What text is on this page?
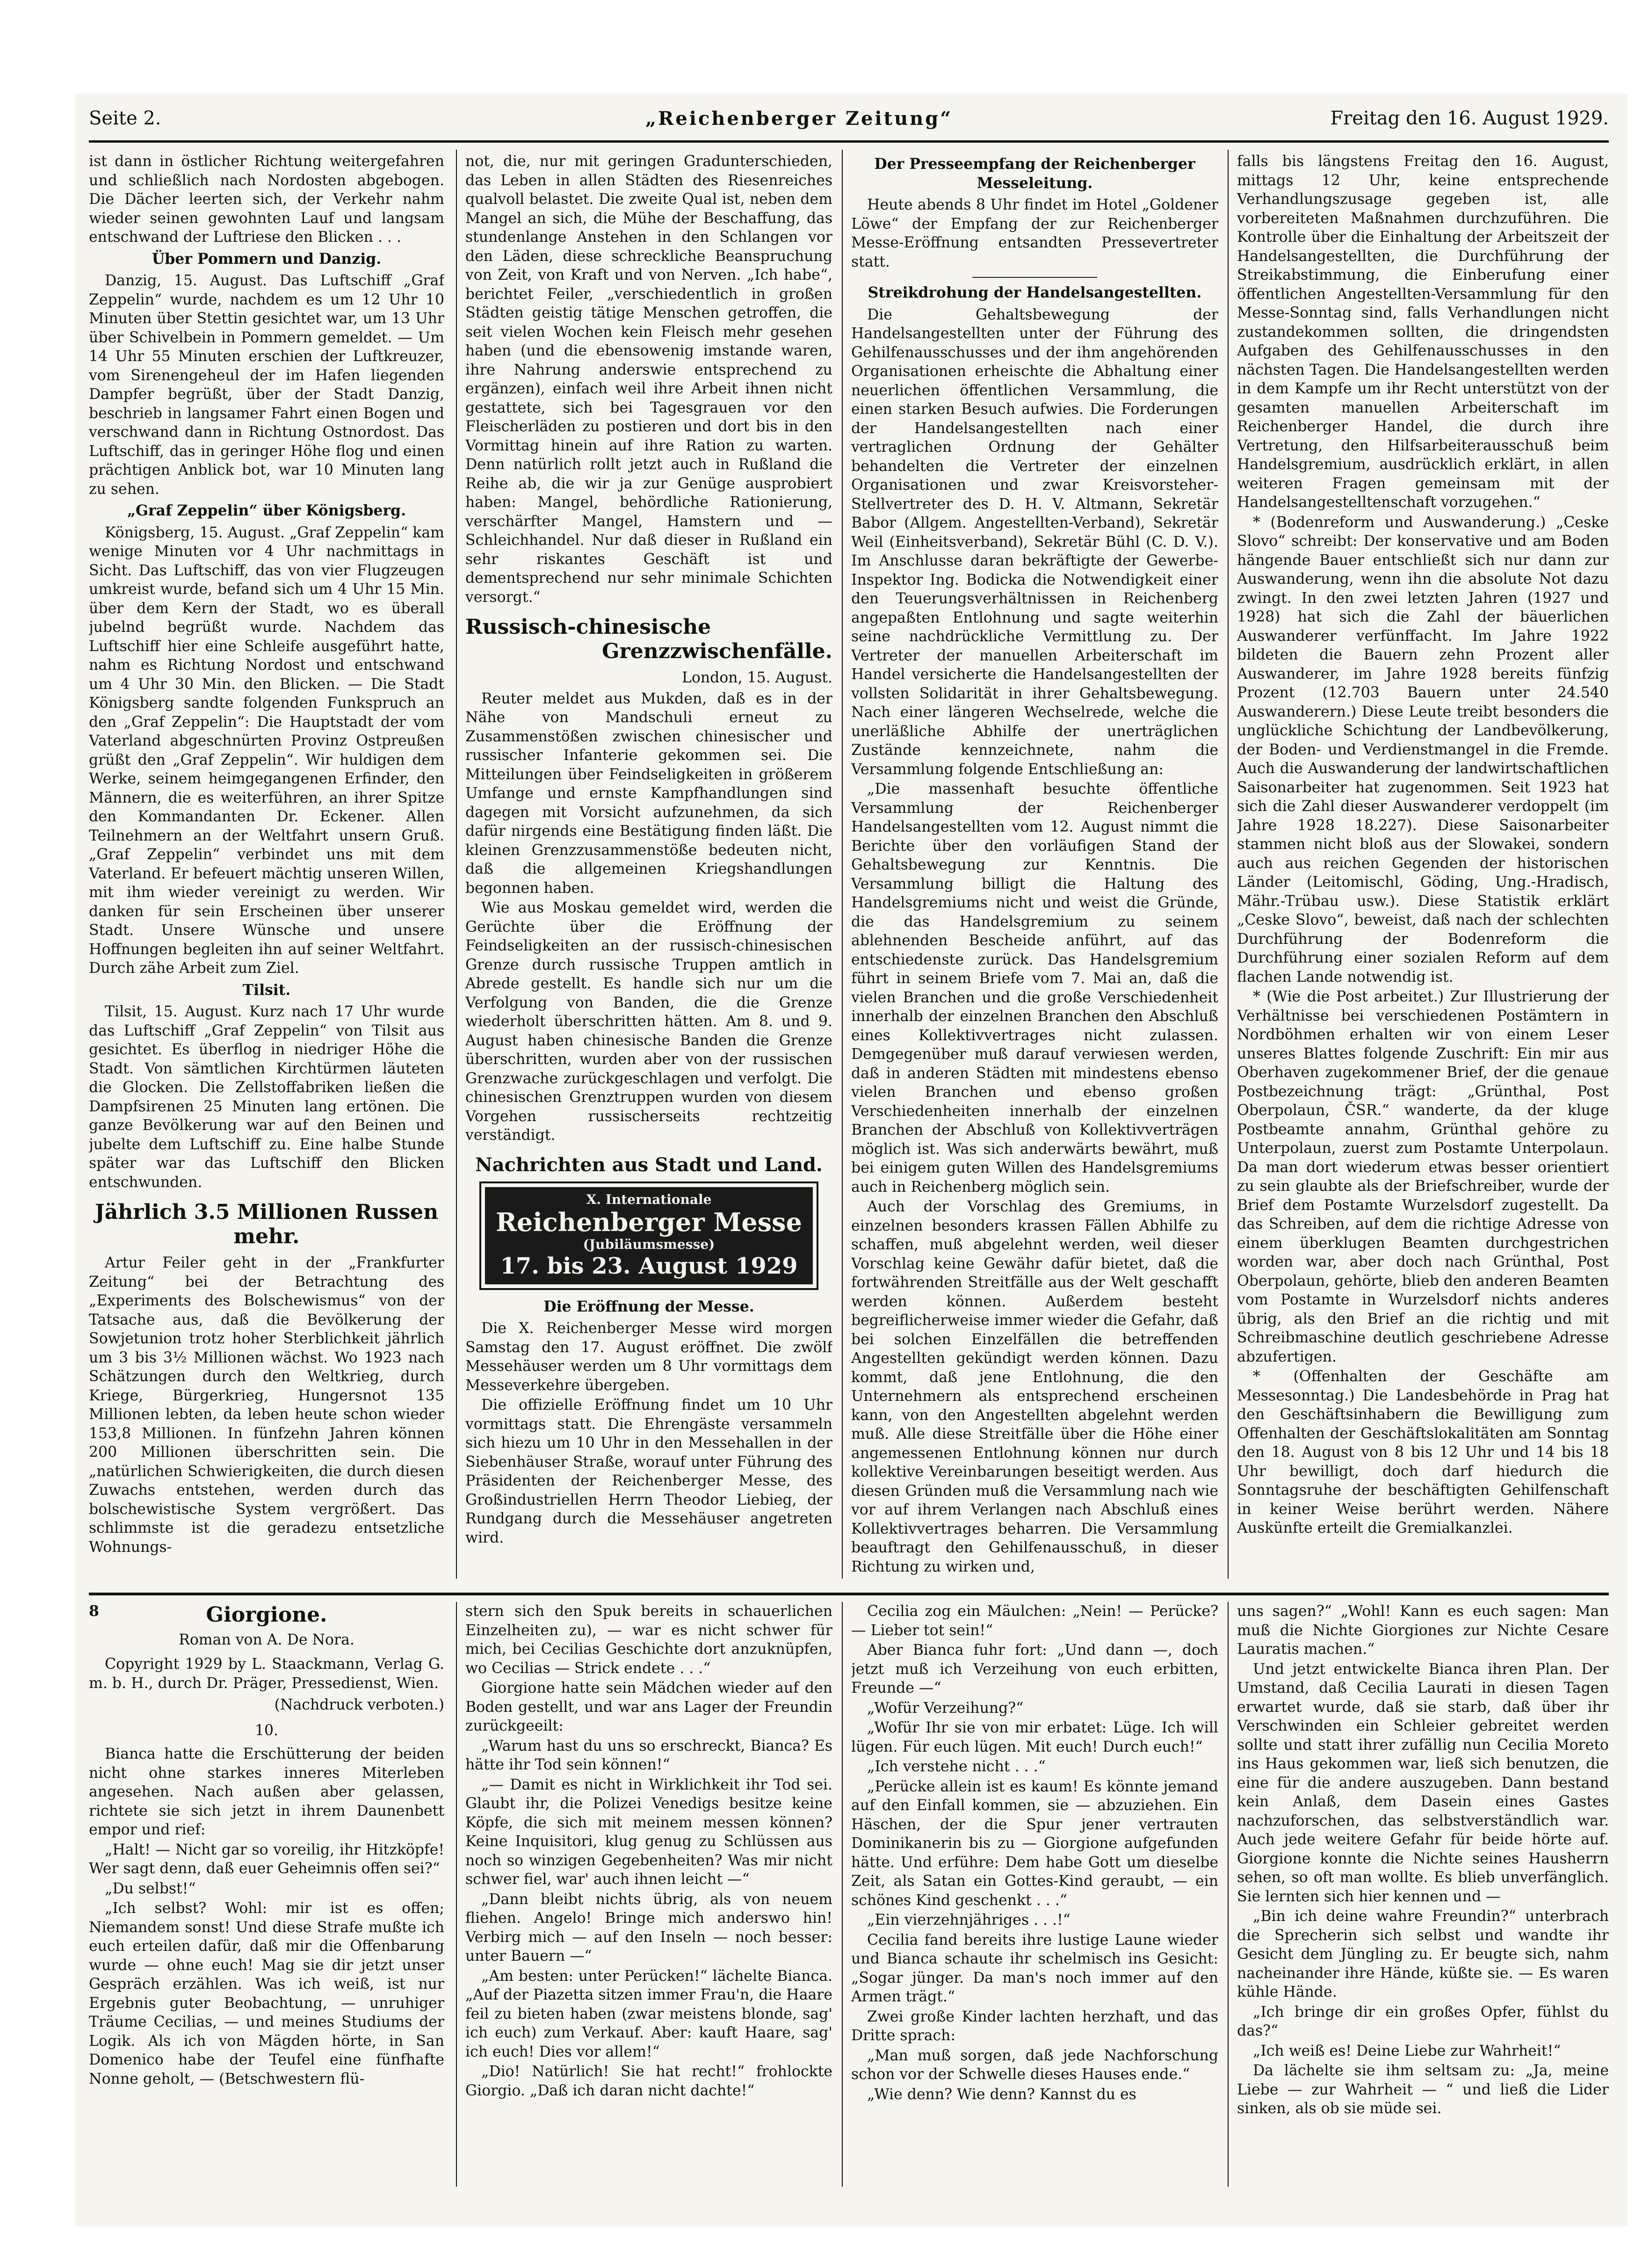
Seite 2.	„Reichenberger Zeitung“	Freitag den 16. August 1929.

ist dann in östlicher Richtung weitergefahren und schließlich nach Nordosten abgebogen. Die Dächer leerten sich, der Verkehr nahm wieder seinen gewohnten Lauf und langsam entschwand der Luftriese den Blicken . . .

Über Pommern und Danzig.

Danzig, 15. August. Das Luftschiff „Graf Zeppelin“ wurde, nachdem es um 12 Uhr 10 Minuten über Stettin gesichtet war, um 13 Uhr über Schivelbein in Pommern gemeldet. — Um 14 Uhr 55 Minuten erschien der Luftkreuzer, vom Sirenengeheul der im Hafen liegenden Dampfer begrüßt, über der Stadt Danzig, beschrieb in langsamer Fahrt einen Bogen und verschwand dann in Richtung Ostnordost. Das Luftschiff, das in geringer Höhe flog und einen prächtigen Anblick bot, war 10 Minuten lang zu sehen.

„Graf Zeppelin“ über Königsberg.

Königsberg, 15. August. „Graf Zeppelin“ kam wenige Minuten vor 4 Uhr nachmittags in Sicht. Das Luftschiff, das von vier Flugzeugen umkreist wurde, befand sich um 4 Uhr 15 Min. über dem Kern der Stadt, wo es überall jubelnd begrüßt wurde. Nachdem das Luftschiff hier eine Schleife ausgeführt hatte, nahm es Richtung Nordost und entschwand um 4 Uhr 30 Min. den Blicken. — Die Stadt Königsberg sandte folgenden Funkspruch an den „Graf Zeppelin“: Die Hauptstadt der vom Vaterland abgeschnürten Provinz Ostpreußen grüßt den „Graf Zeppelin“. Wir huldigen dem Werke, seinem heimgegangenen Erfinder, den Männern, die es weiterführen, an ihrer Spitze den Kommandanten Dr. Eckener. Allen Teilnehmern an der Weltfahrt unsern Gruß. „Graf Zeppelin“ verbindet uns mit dem Vaterland. Er befeuert mächtig unseren Willen, mit ihm wieder vereinigt zu werden. Wir danken für sein Erscheinen über unserer Stadt. Unsere Wünsche und unsere Hoffnungen begleiten ihn auf seiner Weltfahrt. Durch zähe Arbeit zum Ziel.

Tilsit.

Tilsit, 15. August. Kurz nach 17 Uhr wurde das Luftschiff „Graf Zeppelin“ von Tilsit aus gesichtet. Es überflog in niedriger Höhe die Stadt. Von sämtlichen Kirchtürmen läuteten die Glocken. Die Zellstoffabriken ließen die Dampfsirenen 25 Minuten lang ertönen. Die ganze Bevölkerung war auf den Beinen und jubelte dem Luftschiff zu. Eine halbe Stunde später war das Luftschiff den Blicken entschwunden.

Jährlich 3.5 Millionen Russen mehr.

Artur Feiler geht in der „Frankfurter Zeitung“ bei der Betrachtung des „Experiments des Bolschewismus“ von der Tatsache aus, daß die Bevölkerung der Sowjetunion trotz hoher Sterblichkeit jährlich um 3 bis 3½ Millionen wächst. Wo 1923 nach Schätzungen durch den Weltkrieg, durch Kriege, Bürgerkrieg, Hungersnot 135 Millionen lebten, da leben heute schon wieder 153,8 Millionen. In fünfzehn Jahren können 200 Millionen überschritten sein. Die „natürlichen Schwierigkeiten, die durch diesen Zuwachs entstehen, werden durch das bolschewistische System vergrößert. Das schlimmste ist die geradezu entsetzliche Wohnungs-

not, die, nur mit geringen Gradunterschieden, das Leben in allen Städten des Riesenreiches qualvoll belastet. Die zweite Qual ist, neben dem Mangel an sich, die Mühe der Beschaffung, das stundenlange Anstehen in den Schlangen vor den Läden, diese schreckliche Beanspruchung von Zeit, von Kraft und von Nerven. „Ich habe“, berichtet Feiler, „verschiedentlich in großen Städten geistig tätige Menschen getroffen, die seit vielen Wochen kein Fleisch mehr gesehen haben (und die ebensowenig imstande waren, ihre Nahrung anderswie entsprechend zu ergänzen), einfach weil ihre Arbeit ihnen nicht gestattete, sich bei Tagesgrauen vor den Fleischerläden zu postieren und dort bis in den Vormittag hinein auf ihre Ration zu warten. Denn natürlich rollt jetzt auch in Rußland die Reihe ab, die wir ja zur Genüge ausprobiert haben: Mangel, behördliche Rationierung, verschärfter Mangel, Hamstern und — Schleichhandel. Nur daß dieser in Rußland ein sehr riskantes Geschäft ist und dementsprechend nur sehr minimale Schichten versorgt.“

Russisch-chinesische
Grenzzwischenfälle.
London, 15. August.

Reuter meldet aus Mukden, daß es in der Nähe von Mandschuli erneut zu Zusammenstößen zwischen chinesischer und russischer Infanterie gekommen sei. Die Mitteilungen über Feindseligkeiten in größerem Umfange und ernste Kampfhandlungen sind dagegen mit Vorsicht aufzunehmen, da sich dafür nirgends eine Bestätigung finden läßt. Die kleinen Grenzzusammenstöße bedeuten nicht, daß die allgemeinen Kriegshandlungen begonnen haben.

Wie aus Moskau gemeldet wird, werden die Gerüchte über die Eröffnung der Feindseligkeiten an der russisch-chinesischen Grenze durch russische Truppen amtlich in Abrede gestellt. Es handle sich nur um die Verfolgung von Banden, die die Grenze wiederholt überschritten hätten. Am 8. und 9. August haben chinesische Banden die Grenze überschritten, wurden aber von der russischen Grenzwache zurückgeschlagen und verfolgt. Die chinesischen Grenztruppen wurden von diesem Vorgehen russischerseits rechtzeitig verständigt.

Nachrichten aus Stadt und Land.
X. Internationale
Reichenberger Messe
(Jubiläumsmesse)
17. bis 23. August 1929
Die Eröffnung der Messe.

Die X. Reichenberger Messe wird morgen Samstag den 17. August eröffnet. Die zwölf Messehäuser werden um 8 Uhr vormittags dem Messeverkehre übergeben.

Die offizielle Eröffnung findet um 10 Uhr vormittags statt. Die Ehrengäste versammeln sich hiezu um 10 Uhr in den Messehallen in der Siebenhäuser Straße, worauf unter Führung des Präsidenten der Reichenberger Messe, des Großindustriellen Herrn Theodor Liebieg, der Rundgang durch die Messehäuser angetreten wird.

Der Presseempfang der Reichenberger Messeleitung.

Heute abends 8 Uhr findet im Hotel „Goldener Löwe“ der Empfang der zur Reichenberger Messe-Eröffnung entsandten Pressevertreter statt.

Streikdrohung der Handelsangestellten.

Die Gehaltsbewegung der Handelsangestellten unter der Führung des Gehilfenausschusses und der ihm angehörenden Organisationen erheischte die Abhaltung einer neuerlichen öffentlichen Versammlung, die einen starken Besuch aufwies. Die Forderungen der Handelsangestellten nach einer vertraglichen Ordnung der Gehälter behandelten die Vertreter der einzelnen Organisationen und zwar Kreisvorsteher-Stellvertreter des D. H. V. Altmann, Sekretär Babor (Allgem. Angestellten-Verband), Sekretär Weil (Einheitsverband), Sekretär Bühl (C. D. V.). Im Anschlusse daran bekräftigte der Gewerbe-Inspektor Ing. Bodicka die Notwendigkeit einer den Teuerungsverhältnissen in Reichenberg angepaßten Entlohnung und sagte weiterhin seine nachdrückliche Vermittlung zu. Der Vertreter der manuellen Arbeiterschaft im Handel versicherte die Handelsangestellten der vollsten Solidarität in ihrer Gehaltsbewegung. Nach einer längeren Wechselrede, welche die unerläßliche Abhilfe der unerträglichen Zustände kennzeichnete, nahm die Versammlung folgende Entschließung an:

„Die massenhaft besuchte öffentliche Versammlung der Reichenberger Handelsangestellten vom 12. August nimmt die Berichte über den vorläufigen Stand der Gehaltsbewegung zur Kenntnis. Die Versammlung billigt die Haltung des Handelsgremiums nicht und weist die Gründe, die das Handelsgremium zu seinem ablehnenden Bescheide anführt, auf das entschiedenste zurück. Das Handelsgremium führt in seinem Briefe vom 7. Mai an, daß die vielen Branchen und die große Verschiedenheit innerhalb der einzelnen Branchen den Abschluß eines Kollektivvertrages nicht zulassen. Demgegenüber muß darauf verwiesen werden, daß in anderen Städten mit mindestens ebenso vielen Branchen und ebenso großen Verschiedenheiten innerhalb der einzelnen Branchen der Abschluß von Kollektivverträgen möglich ist. Was sich anderwärts bewährt, muß bei einigem guten Willen des Handelsgremiums auch in Reichenberg möglich sein.

Auch der Vorschlag des Gremiums, in einzelnen besonders krassen Fällen Abhilfe zu schaffen, muß abgelehnt werden, weil dieser Vorschlag keine Gewähr dafür bietet, daß die fortwährenden Streitfälle aus der Welt geschafft werden können. Außerdem besteht begreiflicherweise immer wieder die Gefahr, daß bei solchen Einzelfällen die betreffenden Angestellten gekündigt werden können. Dazu kommt, daß jene Entlohnung, die den Unternehmern als entsprechend erscheinen kann, von den Angestellten abgelehnt werden muß. Alle diese Streitfälle über die Höhe einer angemessenen Entlohnung können nur durch kollektive Vereinbarungen beseitigt werden. Aus diesen Gründen muß die Versammlung nach wie vor auf ihrem Verlangen nach Abschluß eines Kollektivvertrages beharren. Die Versammlung beauftragt den Gehilfenausschuß, in dieser Richtung zu wirken und,

falls bis längstens Freitag den 16. August, mittags 12 Uhr, keine entsprechende Verhandlungszusage gegeben ist, alle vorbereiteten Maßnahmen durchzuführen. Die Kontrolle über die Einhaltung der Arbeitszeit der Handelsangestellten, die Durchführung der Streikabstimmung, die Einberufung einer öffentlichen Angestellten-Versammlung für den Messe-Sonntag sind, falls Verhandlungen nicht zustandekommen sollten, die dringendsten Aufgaben des Gehilfenausschusses in den nächsten Tagen. Die Handelsangestellten werden in dem Kampfe um ihr Recht unterstützt von der gesamten manuellen Arbeiterschaft im Reichenberger Handel, die durch ihre Vertretung, den Hilfsarbeiterausschuß beim Handelsgremium, ausdrücklich erklärt, in allen weiteren Fragen gemeinsam mit der Handelsangestelltenschaft vorzugehen.“

* (Bodenreform und Auswanderung.) „Ceske Slovo“ schreibt: Der konservative und am Boden hängende Bauer entschließt sich nur dann zur Auswanderung, wenn ihn die absolute Not dazu zwingt. In den zwei letzten Jahren (1927 und 1928) hat sich die Zahl der bäuerlichen Auswanderer verfünffacht. Im Jahre 1922 bildeten die Bauern zehn Prozent aller Auswanderer, im Jahre 1928 bereits fünfzig Prozent (12.703 Bauern unter 24.540 Auswanderern.) Diese Leute treibt besonders die unglückliche Schichtung der Landbevölkerung, der Boden- und Verdienstmangel in die Fremde. Auch die Auswanderung der landwirtschaftlichen Saisonarbeiter hat zugenommen. Seit 1923 hat sich die Zahl dieser Auswanderer verdoppelt (im Jahre 1928 18.227). Diese Saisonarbeiter stammen nicht bloß aus der Slowakei, sondern auch aus reichen Gegenden der historischen Länder (Leitomischl, Göding, Ung.-Hradisch, Mähr.-Trübau usw.). Diese Statistik erklärt „Ceske Slovo“, beweist, daß nach der schlechten Durchführung der Bodenreform die Durchführung einer sozialen Reform auf dem flachen Lande notwendig ist.

* (Wie die Post arbeitet.) Zur Illustrierung der Verhältnisse bei verschiedenen Postämtern in Nordböhmen erhalten wir von einem Leser unseres Blattes folgende Zuschrift: Ein mir aus Oberhaven zugekommener Brief, der die genaue Postbezeichnung trägt: „Grünthal, Post Oberpolaun, ČSR.“ wanderte, da der kluge Postbeamte annahm, Grünthal gehöre zu Unterpolaun, zuerst zum Postamte Unterpolaun. Da man dort wiederum etwas besser orientiert zu sein glaubte als der Briefschreiber, wurde der Brief dem Postamte Wurzelsdorf zugestellt. Da das Schreiben, auf dem die richtige Adresse von einem überklugen Beamten durchgestrichen worden war, aber doch nach Grünthal, Post Oberpolaun, gehörte, blieb den anderen Beamten vom Postamte in Wurzelsdorf nichts anderes übrig, als den Brief an die richtig und mit Schreibmaschine deutlich geschriebene Adresse abzufertigen.

* (Offenhalten der Geschäfte am Messesonntag.) Die Landesbehörde in Prag hat den Geschäftsinhabern die Bewilligung zum Offenhalten der Geschäftslokalitäten am Sonntag den 18. August von 8 bis 12 Uhr und 14 bis 18 Uhr bewilligt, doch darf hiedurch die Sonntagsruhe der beschäftigten Gehilfenschaft in keiner Weise berührt werden. Nähere Auskünfte erteilt die Gremialkanzlei.

8	Giorgione.
Roman von A. De Nora.

Copyright 1929 by L. Staackmann, Verlag G. m. b. H., durch Dr. Präger, Pressedienst, Wien.

(Nachdruck verboten.)
10.

Bianca hatte die Erschütterung der beiden nicht ohne starkes inneres Miterleben angesehen. Nach außen aber gelassen, richtete sie sich jetzt in ihrem Daunenbett empor und rief:

„Halt! — Nicht gar so voreilig, ihr Hitzköpfe! Wer sagt denn, daß euer Geheimnis offen sei?“

„Du selbst!“

„Ich selbst? Wohl: mir ist es offen; Niemandem sonst! Und diese Strafe mußte ich euch erteilen dafür, daß mir die Offenbarung wurde — ohne euch! Mag sie dir jetzt unser Gespräch erzählen. Was ich weiß, ist nur Ergebnis guter Beobachtung, — unruhiger Träume Cecilias, — und meines Studiums der Logik. Als ich von Mägden hörte, in San Domenico habe der Teufel eine fünfhafte Nonne geholt, — (Betschwestern flü-

stern sich den Spuk bereits in schauerlichen Einzelheiten zu), — war es nicht schwer für mich, bei Cecilias Geschichte dort anzuknüpfen, wo Cecilias — Strick endete . . .“

Giorgione hatte sein Mädchen wieder auf den Boden gestellt, und war ans Lager der Freundin zurückgeeilt:

„Warum hast du uns so erschreckt, Bianca? Es hätte ihr Tod sein können!“

„— Damit es nicht in Wirklichkeit ihr Tod sei. Glaubt ihr, die Polizei Venedigs besitze keine Köpfe, die sich mit meinem messen können? Keine Inquisitori, klug genug zu Schlüssen aus noch so winzigen Gegebenheiten? Was mir nicht schwer fiel, war' auch ihnen leicht —“

„Dann bleibt nichts übrig, als von neuem fliehen. Angelo! Bringe mich anderswo hin! Verbirg mich — auf den Inseln — noch besser: unter Bauern —“

„Am besten: unter Perücken!“ lächelte Bianca. „Auf der Piazetta sitzen immer Frau'n, die Haare feil zu bieten haben (zwar meistens blonde, sag' ich euch) zum Verkauf. Aber: kauft Haare, sag' ich euch! Dies vor allem!“

„Dio! Natürlich! Sie hat recht!“ frohlockte Giorgio. „Daß ich daran nicht dachte!“

Cecilia zog ein Mäulchen: „Nein! — Perücke? — Lieber tot sein!“

Aber Bianca fuhr fort: „Und dann —, doch jetzt muß ich Verzeihung von euch erbitten, Freunde —“

„Wofür Verzeihung?“

„Wofür Ihr sie von mir erbatet: Lüge. Ich will lügen. Für euch lügen. Mit euch! Durch euch!“

„Ich verstehe nicht . . .“

„Perücke allein ist es kaum! Es könnte jemand auf den Einfall kommen, sie — abzuziehen. Ein Häschen, der die Spur jener vertrauten Dominikanerin bis zu — Giorgione aufgefunden hätte. Und erführe: Dem habe Gott um dieselbe Zeit, als Satan ein Gottes-Kind geraubt, — ein schönes Kind geschenkt . . .“

„Ein vierzehnjähriges . . .!“

Cecilia fand bereits ihre lustige Laune wieder und Bianca schaute ihr schelmisch ins Gesicht: „Sogar jünger. Da man's noch immer auf den Armen trägt.“

Zwei große Kinder lachten herzhaft, und das Dritte sprach:

„Man muß sorgen, daß jede Nachforschung schon vor der Schwelle dieses Hauses ende.“

„Wie denn? Wie denn? Kannst du es

uns sagen?“ „Wohl! Kann es euch sagen: Man muß die Nichte Giorgiones zur Nichte Cesare Lauratis machen.“

Und jetzt entwickelte Bianca ihren Plan. Der Umstand, daß Cecilia Laurati in diesen Tagen erwartet wurde, daß sie starb, daß über ihr Verschwinden ein Schleier gebreitet werden sollte und statt ihrer zufällig nun Cecilia Moreto ins Haus gekommen war, ließ sich benutzen, die eine für die andere auszugeben. Dann bestand kein Anlaß, dem Dasein eines Gastes nachzuforschen, das selbstverständlich war. Auch jede weitere Gefahr für beide hörte auf. Giorgione konnte die Nichte seines Hausherrn sehen, so oft man wollte. Es blieb unverfänglich. Sie lernten sich hier kennen und —

„Bin ich deine wahre Freundin?“ unterbrach die Sprecherin sich selbst und wandte ihr Gesicht dem Jüngling zu. Er beugte sich, nahm nacheinander ihre Hände, küßte sie. — Es waren kühle Hände.

„Ich bringe dir ein großes Opfer, fühlst du das?“

„Ich weiß es! Deine Liebe zur Wahrheit!“

Da lächelte sie ihm seltsam zu: „Ja, meine Liebe — zur Wahrheit — “ und ließ die Lider sinken, als ob sie müde sei.
